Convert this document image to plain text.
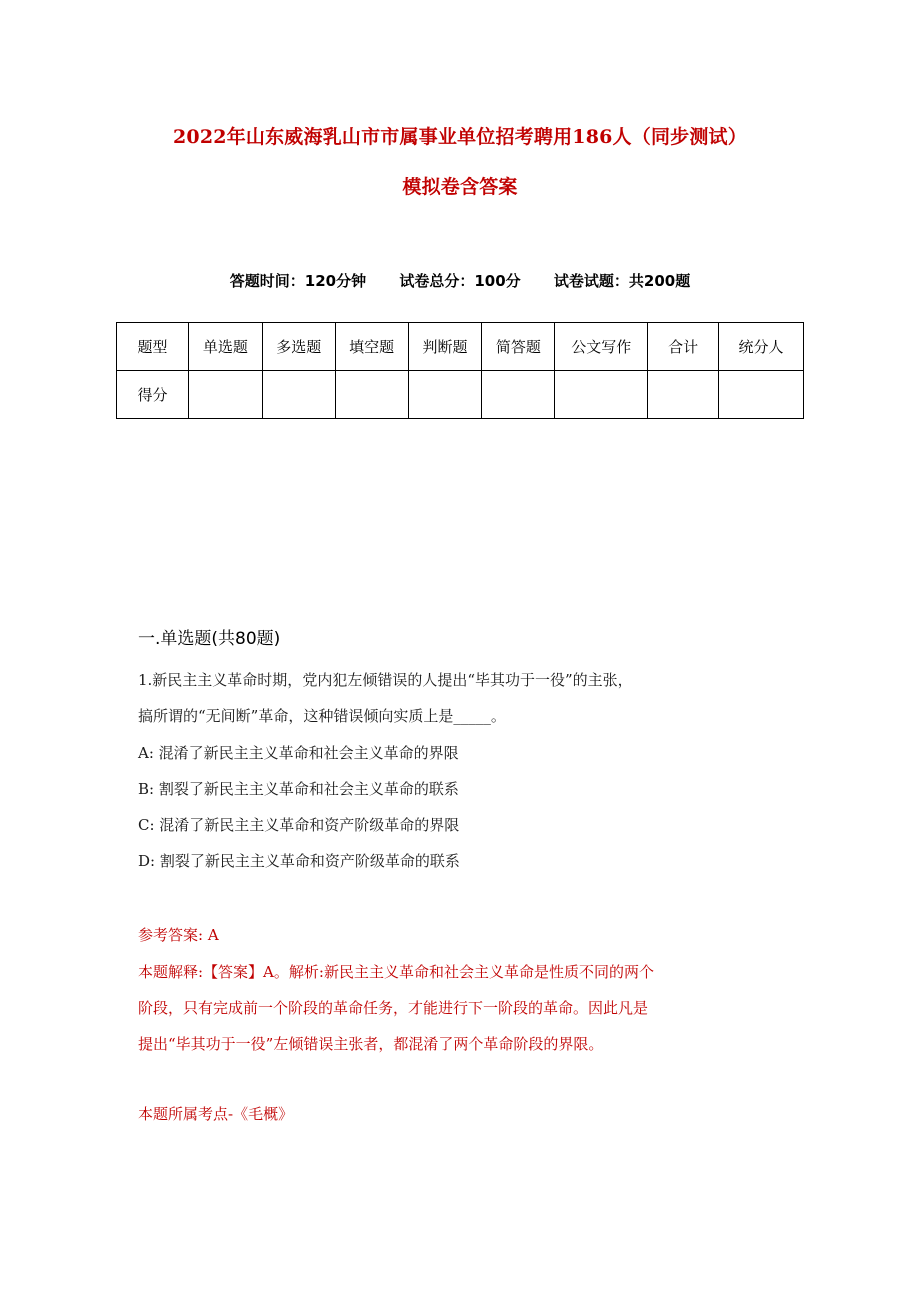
2022年山东威海乳山市市属事业单位招考聘用186人（同步测试）
模拟卷含答案
答题时间：120分钟 试卷总分：100分 试卷试题：共200题
题型	单选题	多选题	填空题	判断题	简答题	公文写作	合计	统分人
得分								
一.单选题(共80题)
1.新民主主义革命时期，党内犯左倾错误的人提出“毕其功于一役”的主张，
搞所谓的“无间断”革命，这种错误倾向实质上是_____。
A: 混淆了新民主主义革命和社会主义革命的界限
B: 割裂了新民主主义革命和社会主义革命的联系
C: 混淆了新民主主义革命和资产阶级革命的界限
D: 割裂了新民主主义革命和资产阶级革命的联系
参考答案: A
本题解释:【答案】A。解析:新民主主义革命和社会主义革命是性质不同的两个
阶段，只有完成前一个阶段的革命任务，才能进行下一阶段的革命。因此凡是
提出“毕其功于一役”左倾错误主张者，都混淆了两个革命阶段的界限。
本题所属考点-《毛概》
